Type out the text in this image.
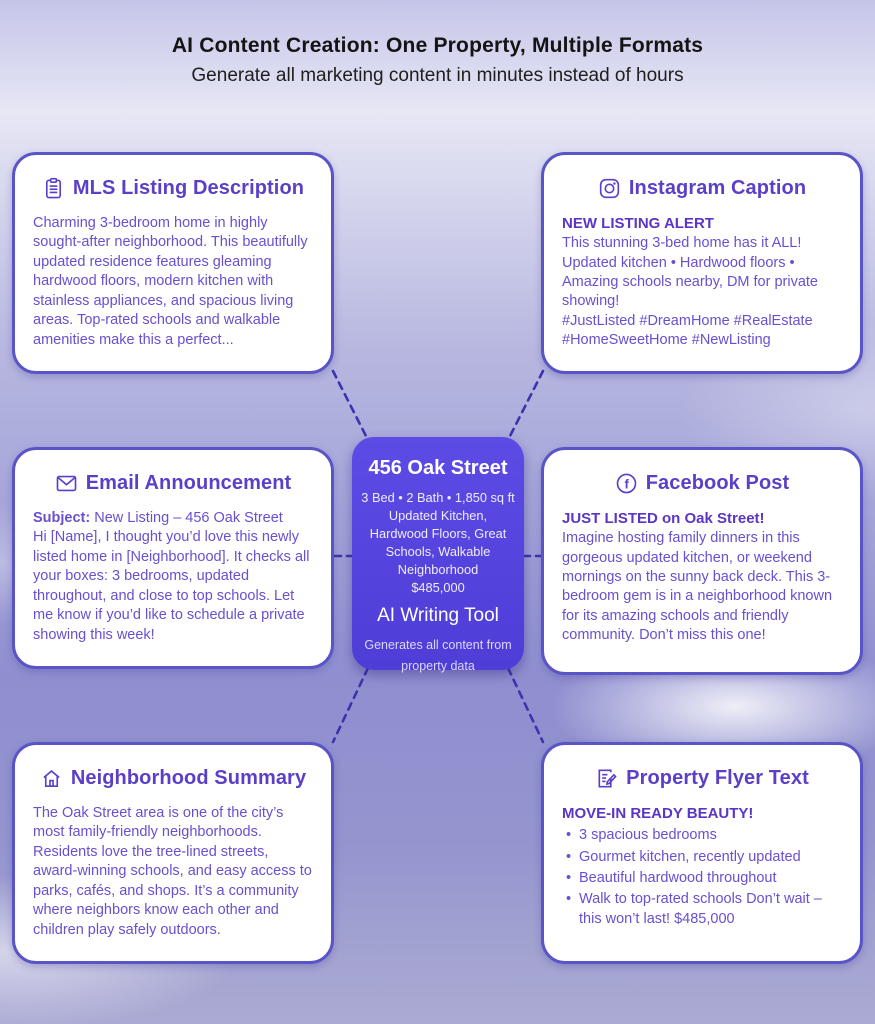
AI Content Creation: One Property, Multiple Formats
Generate all marketing content in minutes instead of hours
MLS Listing Description
Charming 3-bedroom home in highly sought-after neighborhood. This beautifully updated residence features gleaming hardwood floors, modern kitchen with stainless appliances, and spacious living areas. Top-rated schools and walkable amenities make this a perfect...
Instagram Caption
NEW LISTING ALERT
This stunning 3-bed home has it ALL! Updated kitchen • Hardwood floors • Amazing schools nearby, DM for private showing!
#JustListed #DreamHome #RealEstate #HomeSweetHome #NewListing
Email Announcement
Subject: New Listing – 456 Oak Street
Hi [Name], I thought you’d love this newly listed home in [Neighborhood]. It checks all your boxes: 3 bedrooms, updated throughout, and close to top schools. Let me know if you’d like to schedule a private showing this week!
f Facebook Post
JUST LISTED on Oak Street!
Imagine hosting family dinners in this gorgeous updated kitchen, or weekend mornings on the sunny back deck. This 3-bedroom gem is in a neighborhood known for its amazing schools and friendly community. Don’t miss this one!
Neighborhood Summary
The Oak Street area is one of the city’s most family-friendly neighborhoods. Residents love the tree-lined streets, award-winning schools, and easy access to parks, cafés, and shops. It’s a community where neighbors know each other and children play safely outdoors.
Property Flyer Text
MOVE-IN READY BEAUTY!
• 3 spacious bedrooms
• Gourmet kitchen, recently updated
• Beautiful hardwood throughout
• Walk to top-rated schools Don’t wait – this won’t last! $485,000
456 Oak Street
3 Bed • 2 Bath • 1,850 sq ft
Updated Kitchen, Hardwood Floors, Great Schools, Walkable Neighborhood
$485,000
AI Writing Tool
Generates all content from property data
